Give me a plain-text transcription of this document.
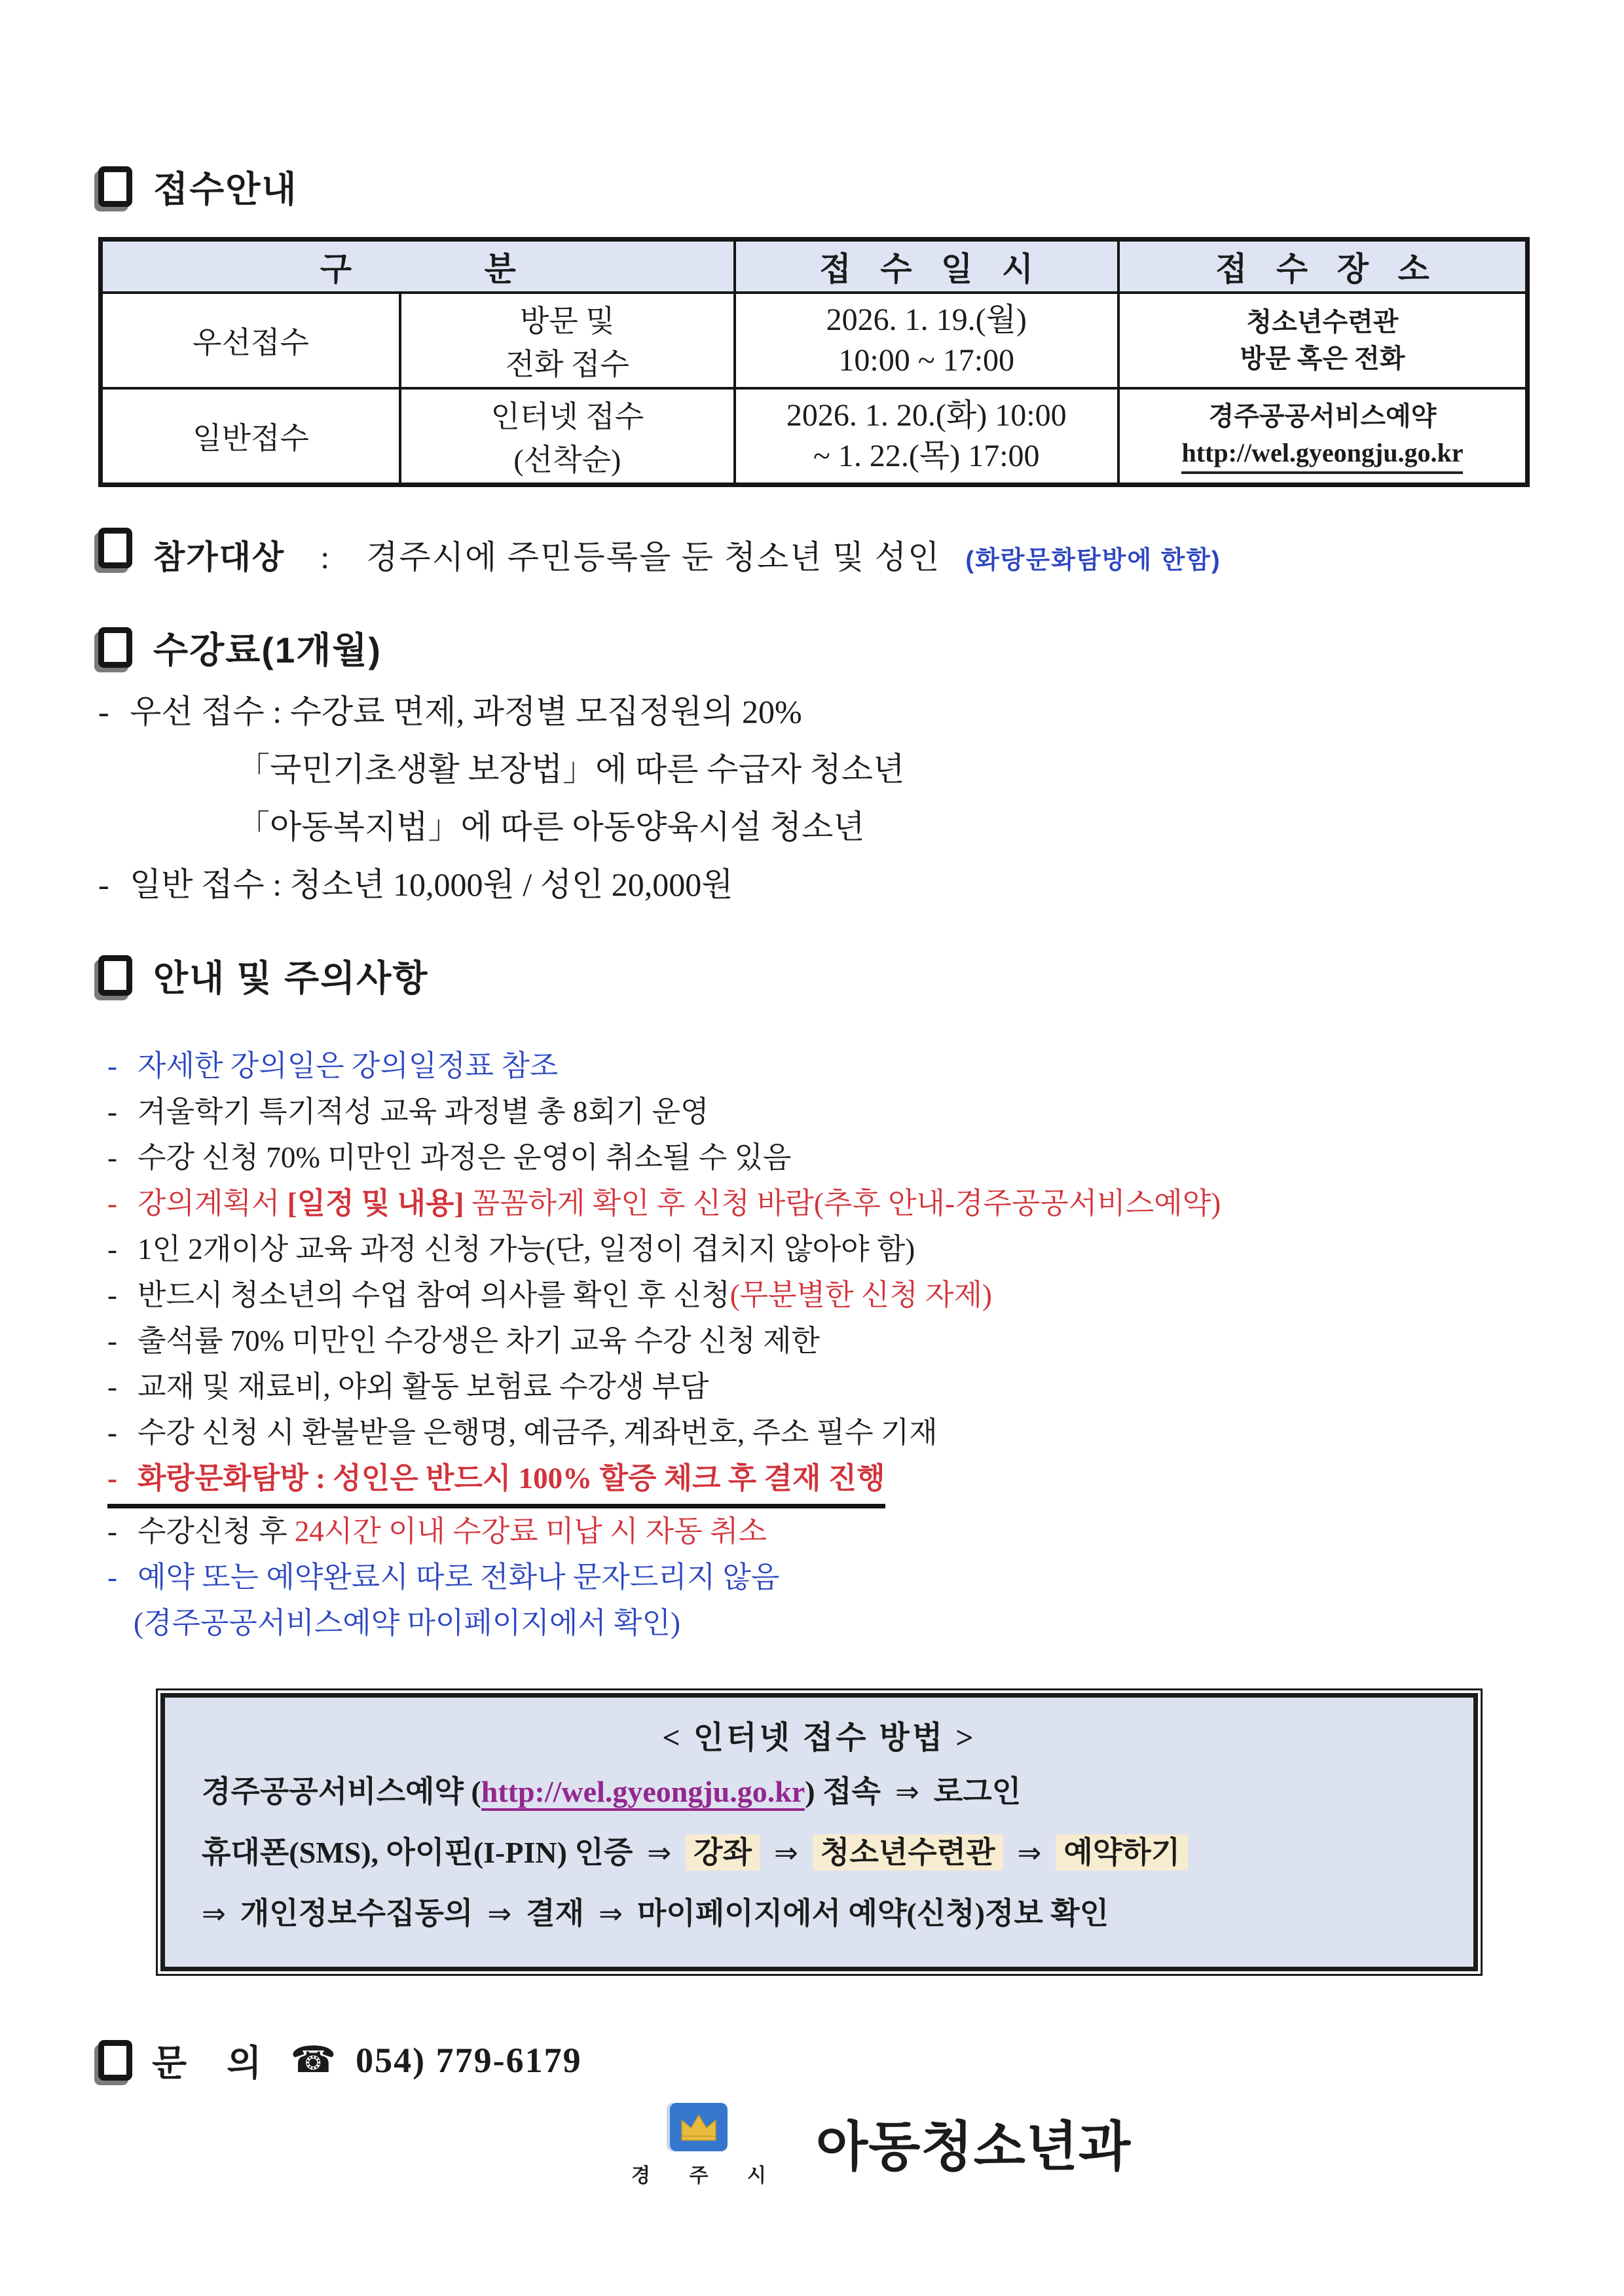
접수안내
구 분	접 수 일 시	접 수 장 소
우선접수
방문 및
전화 접수
2026. 1. 19.(월)
10:00 ~ 17:00
청소년수련관
방문 혹은 전화
일반접수
인터넷 접수
(선착순)
2026. 1. 20.(화) 10:00
~ 1. 22.(목) 17:00
경주공공서비스예약
http://wel.gyeongju.go.kr
참가대상 : 경주시에 주민등록을 둔 청소년 및 성인 (화랑문화탐방에 한함)
수강료(1개월)
- 우선 접수 : 수강료 면제, 과정별 모집정원의 20%
「국민기초생활 보장법」에 따른 수급자 청소년
「아동복지법」에 따른 아동양육시설 청소년
- 일반 접수 : 청소년 10,000원 / 성인 20,000원
안내 및 주의사항
- 자세한 강의일은 강의일정표 참조
- 겨울학기 특기적성 교육 과정별 총 8회기 운영
- 수강 신청 70% 미만인 과정은 운영이 취소될 수 있음
- 강의계획서 [일정 및 내용] 꼼꼼하게 확인 후 신청 바람(추후 안내-경주공공서비스예약)
- 1인 2개이상 교육 과정 신청 가능(단, 일정이 겹치지 않아야 함)
- 반드시 청소년의 수업 참여 의사를 확인 후 신청(무분별한 신청 자제)
- 출석률 70% 미만인 수강생은 차기 교육 수강 신청 제한
- 교재 및 재료비, 야외 활동 보험료 수강생 부담
- 수강 신청 시 환불받을 은행명, 예금주, 계좌번호, 주소 필수 기재
- 화랑문화탐방 : 성인은 반드시 100% 할증 체크 후 결재 진행
- 수강신청 후 24시간 이내 수강료 미납 시 자동 취소
- 예약 또는 예약완료시 따로 전화나 문자드리지 않음
(경주공공서비스예약 마이페이지에서 확인)
< 인터넷 접수 방법 >
경주공공서비스예약 (http://wel.gyeongju.go.kr) 접속 ⇒ 로그인
휴대폰(SMS), 아이핀(I-PIN) 인증 ⇒ 강좌 ⇒ 청소년수련관 ⇒ 예약하기
⇒ 개인정보수집동의 ⇒ 결재 ⇒ 마이페이지에서 예약(신청)정보 확인
문    의 ☎ 054) 779-6179
경 주 시 아동청소년과
